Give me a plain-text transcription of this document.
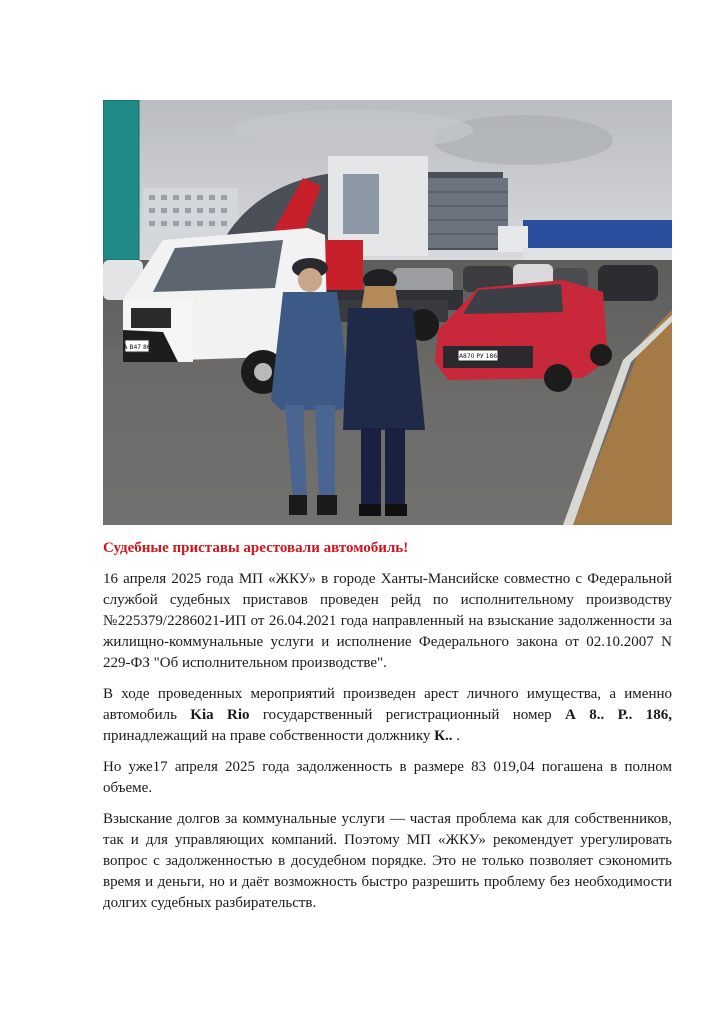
А В47 86
А870 РУ 186
Судебные приставы арестовали автомобиль!

16 апреля 2025 года МП «ЖКУ» в городе Ханты-Мансийске совместно с Федеральной службой судебных приставов проведен рейд по исполнительному производству №225379/2286021-ИП от 26.04.2021 года направленный на взыскание задолженности за жилищно-коммунальные услуги и исполнение Федерального закона от 02.10.2007 N 229-ФЗ "Об исполнительном производстве".

В ходе проведенных мероприятий произведен арест личного имущества, а именно автомобиль Kia Rio государственный регистрационный номер А 8.. Р.. 186, принадлежащий на праве собственности должнику К.. .

Но уже17 апреля 2025 года задолженность в размере 83 019,04 погашена в полном объеме.

Взыскание долгов за коммунальные услуги — частая проблема как для собственников, так и для управляющих компаний. Поэтому МП «ЖКУ» рекомендует урегулировать вопрос с задолженностью в досудебном порядке. Это не только позволяет сэкономить время и деньги, но и даёт возможность быстро разрешить проблему без необходимости долгих судебных разбирательств.
